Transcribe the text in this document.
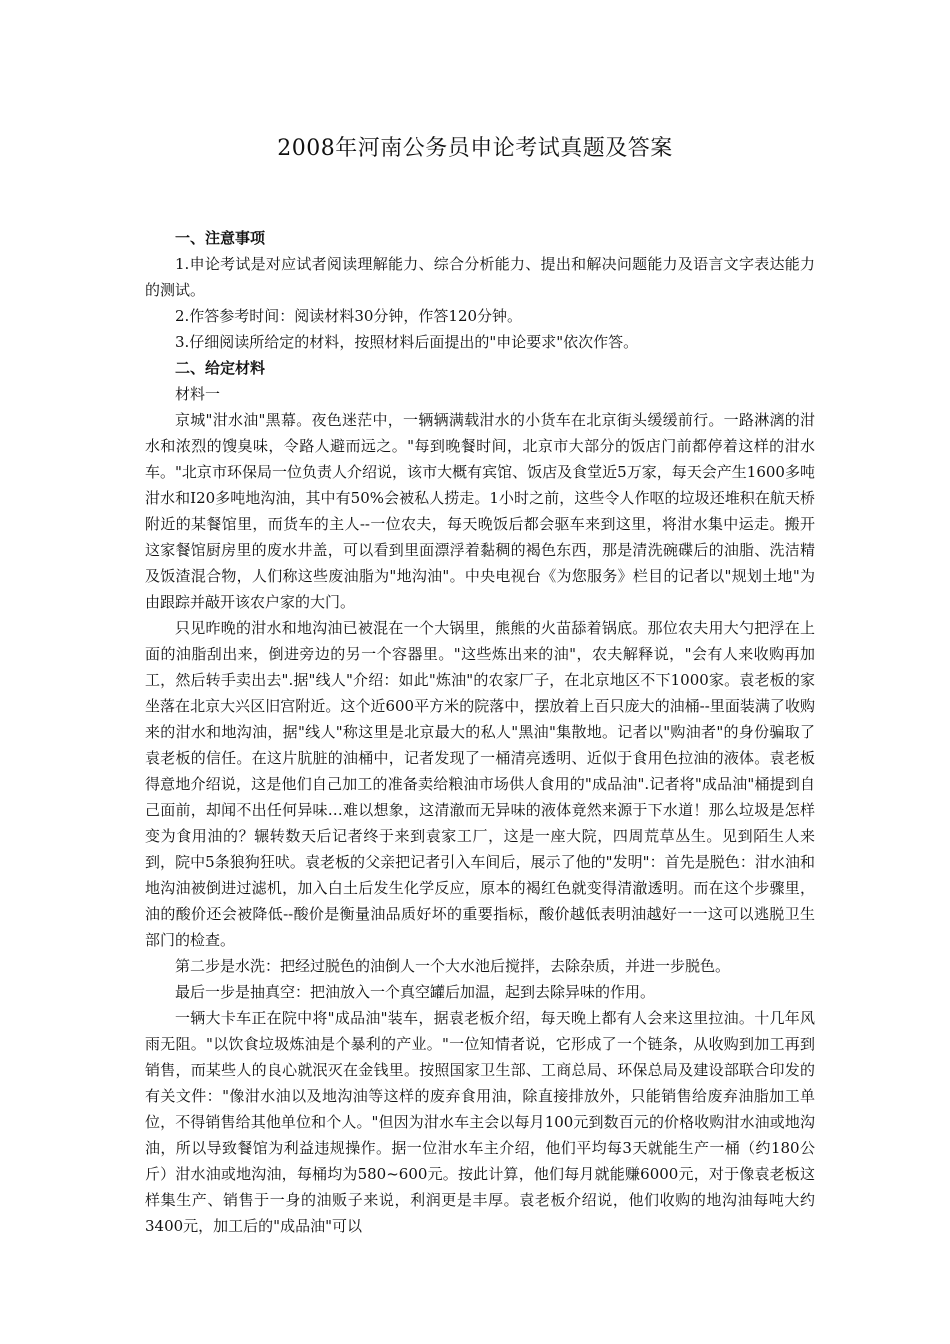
2008年河南公务员申论考试真题及答案

一、注意事项

1.申论考试是对应试者阅读理解能力、综合分析能力、提出和解决问题能力及语言文字表达能力的测试。

2.作答参考时间：阅读材料30分钟，作答120分钟。

3.仔细阅读所给定的材料，按照材料后面提出的"申论要求"依次作答。

二、给定材料

材料一

京城"泔水油"黑幕。夜色迷茫中，一辆辆满载泔水的小货车在北京街头缓缓前行。一路淋漓的泔水和浓烈的馊臭味，令路人避而远之。"每到晚餐时间，北京市大部分的饭店门前都停着这样的泔水车。"北京市环保局一位负责人介绍说，该市大概有宾馆、饭店及食堂近5万家，每天会产生1600多吨泔水和I20多吨地沟油，其中有50%会被私人捞走。1小时之前，这些令人作呕的垃圾还堆积在航天桥附近的某餐馆里，而货车的主人--一位农夫，每天晚饭后都会驱车来到这里，将泔水集中运走。搬开这家餐馆厨房里的废水井盖，可以看到里面漂浮着黏稠的褐色东西，那是清洗碗碟后的油脂、洗洁精及饭渣混合物，人们称这些废油脂为"地沟油"。中央电视台《为您服务》栏目的记者以"规划土地"为由跟踪并敲开该农户家的大门。

只见昨晚的泔水和地沟油已被混在一个大锅里，熊熊的火苗舔着锅底。那位农夫用大勺把浮在上面的油脂刮出来，倒进旁边的另一个容器里。"这些炼出来的油"，农夫解释说，"会有人来收购再加工，然后转手卖出去".据"线人"介绍：如此"炼油"的农家厂子，在北京地区不下1000家。袁老板的家坐落在北京大兴区旧宫附近。这个近600平方米的院落中，摆放着上百只庞大的油桶--里面装满了收购来的泔水和地沟油，据"线人"称这里是北京最大的私人"黑油"集散地。记者以"购油者"的身份骗取了袁老板的信任。在这片肮脏的油桶中，记者发现了一桶清亮透明、近似于食用色拉油的液体。袁老板得意地介绍说，这是他们自己加工的准备卖给粮油市场供人食用的"成品油".记者将"成品油"桶提到自己面前，却闻不出任何异味…难以想象，这清澈而无异味的液体竟然来源于下水道！那么垃圾是怎样变为食用油的？辗转数天后记者终于来到袁家工厂，这是一座大院，四周荒草丛生。见到陌生人来到，院中5条狼狗狂吠。袁老板的父亲把记者引入车间后，展示了他的"发明"：首先是脱色：泔水油和地沟油被倒进过滤机，加入白土后发生化学反应，原本的褐红色就变得清澈透明。而在这个步骤里，油的酸价还会被降低--酸价是衡量油品质好坏的重要指标，酸价越低表明油越好一一这可以逃脱卫生部门的检查。

第二步是水洗：把经过脱色的油倒人一个大水池后搅拌，去除杂质，并进一步脱色。

最后一步是抽真空：把油放入一个真空罐后加温，起到去除异味的作用。

一辆大卡车正在院中将"成品油"装车，据袁老板介绍，每天晚上都有人会来这里拉油。十几年风雨无阻。"以饮食垃圾炼油是个暴利的产业。"一位知情者说，它形成了一个链条，从收购到加工再到销售，而某些人的良心就泯灭在金钱里。按照国家卫生部、工商总局、环保总局及建设部联合印发的有关文件："像泔水油以及地沟油等这样的废弃食用油，除直接排放外，只能销售给废弃油脂加工单位，不得销售给其他单位和个人。"但因为泔水车主会以每月100元到数百元的价格收购泔水油或地沟油，所以导致餐馆为利益违规操作。据一位泔水车主介绍，他们平均每3天就能生产一桶（约180公斤）泔水油或地沟油，每桶均为580~600元。按此计算，他们每月就能赚6000元，对于像袁老板这样集生产、销售于一身的油贩子来说，利润更是丰厚。袁老板介绍说，他们收购的地沟油每吨大约3400元，加工后的"成品油"可以
